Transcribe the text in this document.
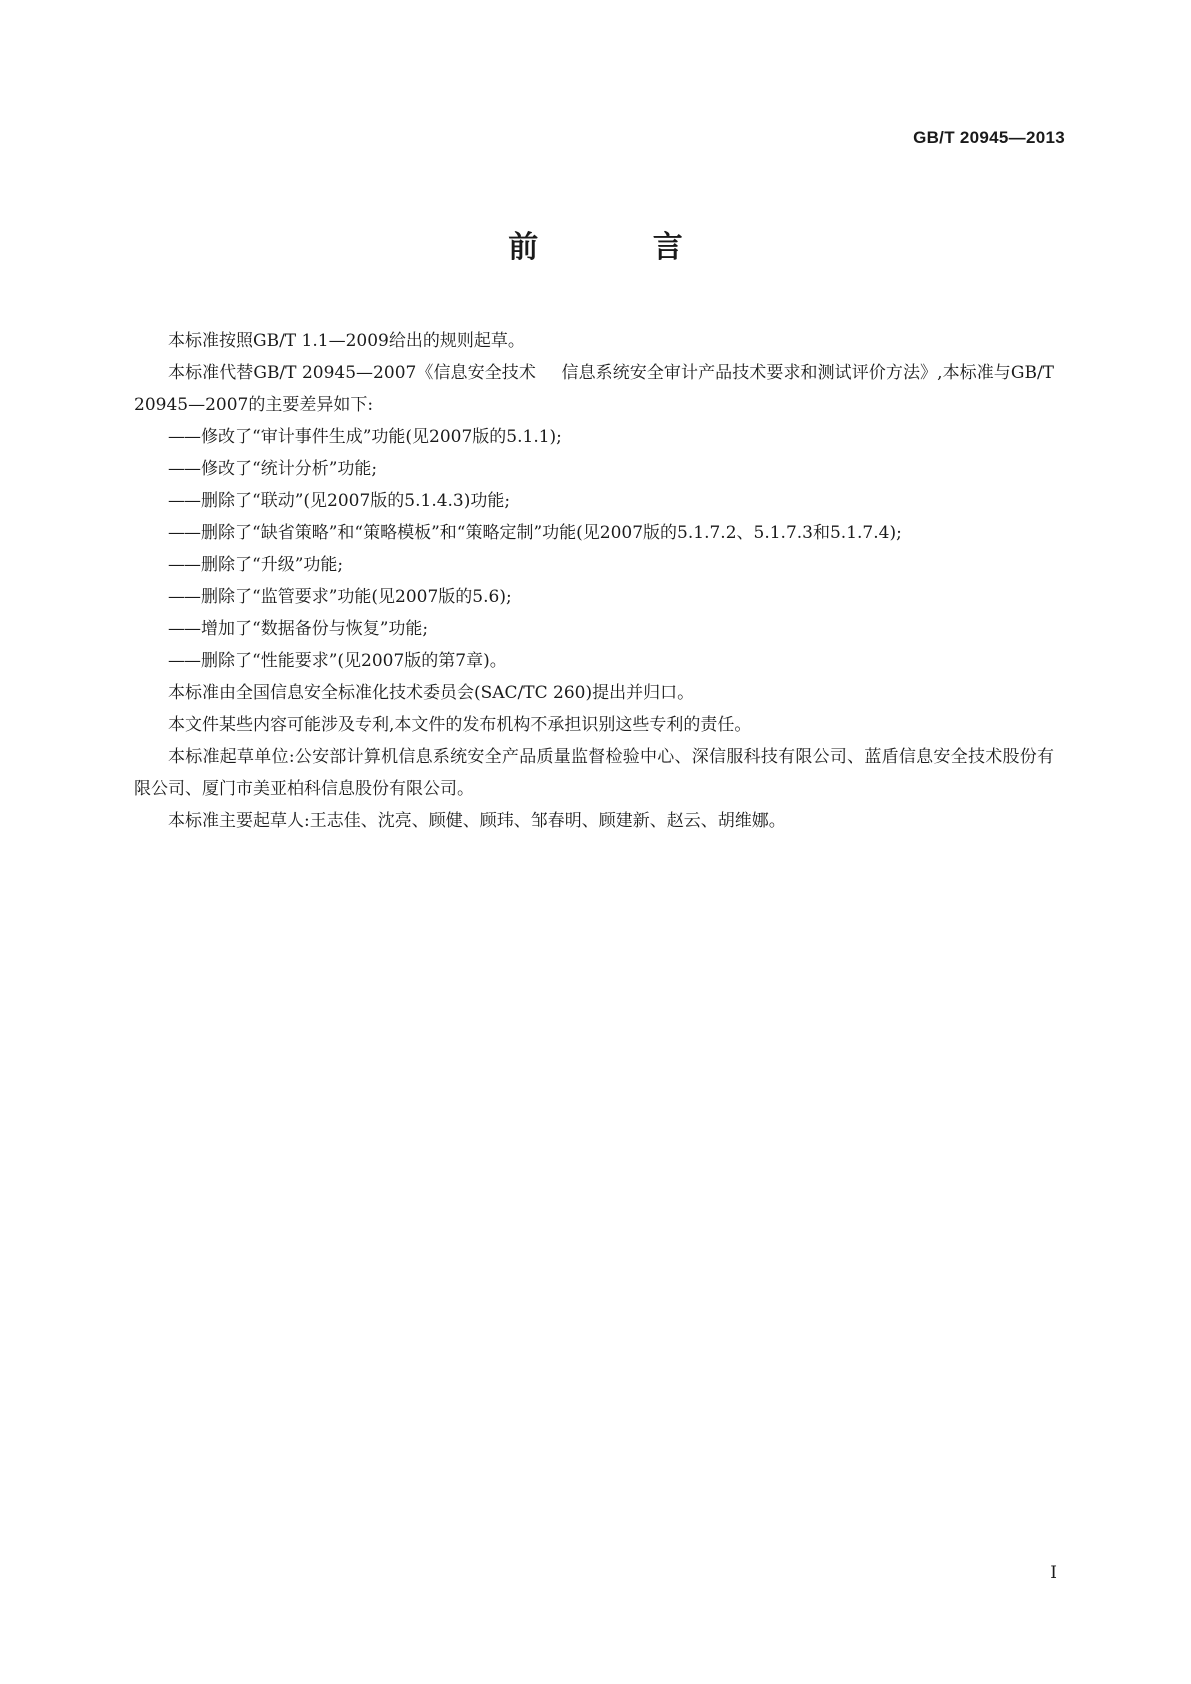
GB/T 20945—2013
前 言

本标准按照GB/T 1.1—2009给出的规则起草。

本标准代替GB/T 20945—2007《信息安全技术 信息系统安全审计产品技术要求和测试评价方法》,本标准与GB/T 20945—2007的主要差异如下:

——修改了“审计事件生成”功能(见2007版的5.1.1);

——修改了“统计分析”功能;

——删除了“联动”(见2007版的5.1.4.3)功能;

——删除了“缺省策略”和“策略模板”和“策略定制”功能(见2007版的5.1.7.2、5.1.7.3和5.1.7.4);

——删除了“升级”功能;

——删除了“监管要求”功能(见2007版的5.6);

——增加了“数据备份与恢复”功能;

——删除了“性能要求”(见2007版的第7章)。

本标准由全国信息安全标准化技术委员会(SAC/TC 260)提出并归口。

本文件某些内容可能涉及专利,本文件的发布机构不承担识别这些专利的责任。

本标准起草单位:公安部计算机信息系统安全产品质量监督检验中心、深信服科技有限公司、蓝盾信息安全技术股份有限公司、厦门市美亚柏科信息股份有限公司。

本标准主要起草人:王志佳、沈亮、顾健、顾玮、邹春明、顾建新、赵云、胡维娜。

I
